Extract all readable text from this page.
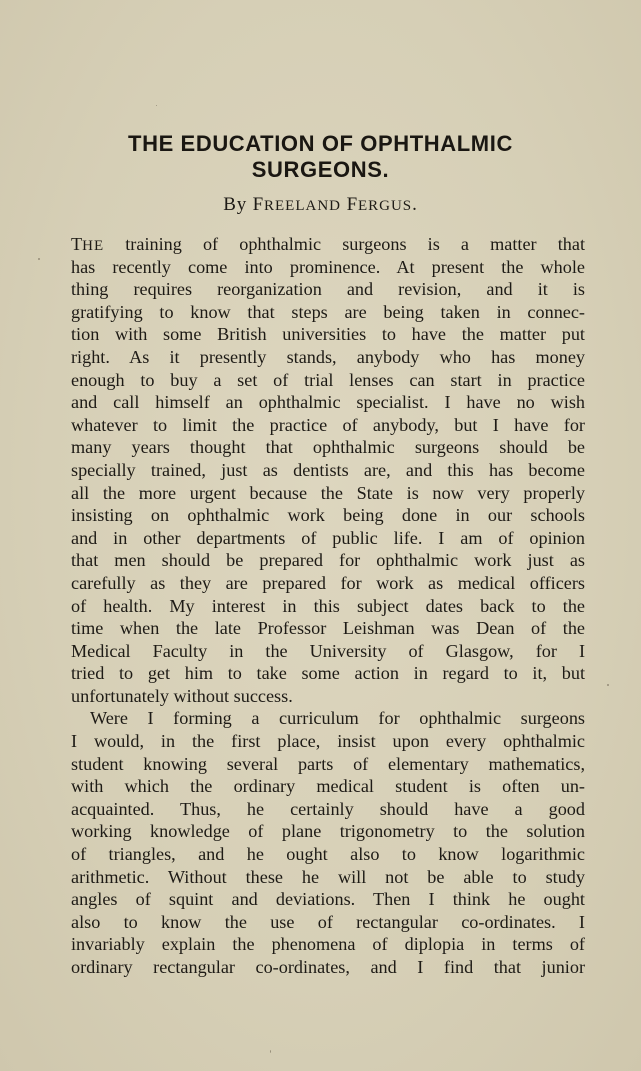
THE EDUCATION OF OPHTHALMIC
SURGEONS.
By FREELAND FERGUS.
THE training of ophthalmic surgeons is a matter that
has recently come into prominence. At present the whole
thing requires reorganization and revision, and it is
gratifying to know that steps are being taken in connec-
tion with some British universities to have the matter put
right. As it presently stands, anybody who has money
enough to buy a set of trial lenses can start in practice
and call himself an ophthalmic specialist. I have no wish
whatever to limit the practice of anybody, but I have for
many years thought that ophthalmic surgeons should be
specially trained, just as dentists are, and this has become
all the more urgent because the State is now very properly
insisting on ophthalmic work being done in our schools
and in other departments of public life. I am of opinion
that men should be prepared for ophthalmic work just as
carefully as they are prepared for work as medical officers
of health. My interest in this subject dates back to the
time when the late Professor Leishman was Dean of the
Medical Faculty in the University of Glasgow, for I
tried to get him to take some action in regard to it, but
unfortunately without success.
Were I forming a curriculum for ophthalmic surgeons
I would, in the first place, insist upon every ophthalmic
student knowing several parts of elementary mathematics,
with which the ordinary medical student is often un-
acquainted. Thus, he certainly should have a good
working knowledge of plane trigonometry to the solution
of triangles, and he ought also to know logarithmic
arithmetic. Without these he will not be able to study
angles of squint and deviations. Then I think he ought
also to know the use of rectangular co-ordinates. I
invariably explain the phenomena of diplopia in terms of
ordinary rectangular co-ordinates, and I find that junior
